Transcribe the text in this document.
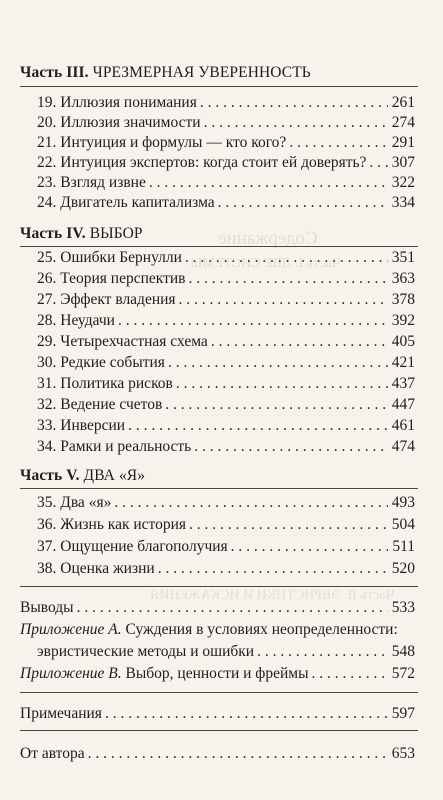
Содержание
Часть I. ДВЕ СИСТЕМЫ
Часть II. ЭВРИСТИКИ И ИСКАЖЕНИЯ
Часть III. ЧРЕЗМЕРНАЯ УВЕРЕННОСТЬ
19. Иллюзия понимания . . .	261
20. Иллюзия значимости . . .	274
21. Интуиция и формулы — кто кого? . . .	291
22. Интуиция экспертов: когда стоит ей доверять? . . . 307
23. Взгляд извне . . .	322
24. Двигатель капитализма . . .	334
Часть IV. ВЫБОР
25. Ошибки Бернулли . . .	351
26. Теория перспектив . . .	363
27. Эффект владения . . .	378
28. Неудачи . . .	392
29. Четырехчастная схема . . .	405
30. Редкие события . . .	421
31. Политика рисков . . .	437
32. Ведение счетов . . .	447
33. Инверсии . . .	461
34. Рамки и реальность . . .	474
Часть V. ДВА «Я»
35. Два «я» . . .	493
36. Жизнь как история . . .	504
37. Ощущение благополучия . . .	511
38. Оценка жизни . . .	520
Выводы . . .	533
Приложение А. Суждения в условиях неопределенности:
эвристические методы и ошибки . . .	548
Приложение В. Выбор, ценности и фреймы . . .	572
Примечания . . .	597
От автора . . .	653
